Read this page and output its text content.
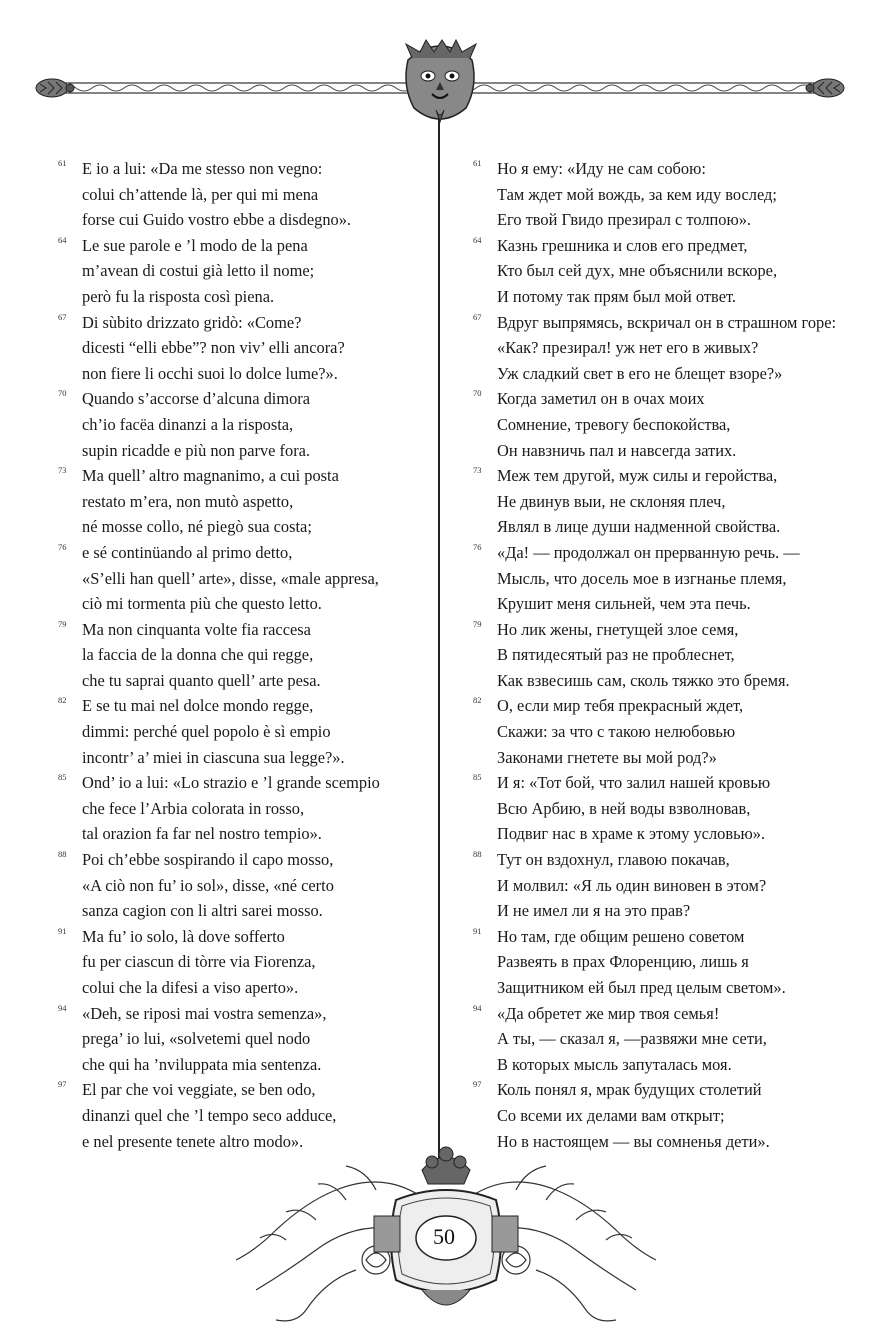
61 E io a lui: «Da me stesso non vegno:
colui ch’attende là, per qui mi mena
forse cui Guido vostro ebbe a disdegno».
64 Le sue parole e ’l modo de la pena
m’avean di costui già letto il nome;
però fu la risposta così piena.
67 Di sùbito drizzato gridò: «Come?
dicesti “elli ebbe”? non viv’ elli ancora?
non fiere li occhi suoi lo dolce lume?».
70 Quando s’accorse d’alcuna dimora
ch’io facëa dinanzi a la risposta,
supin ricadde e più non parve fora.
73 Ma quell’ altro magnanimo, a cui posta
restato m’era, non mutò aspetto,
né mosse collo, né piegò sua costa;
76 e sé continüando al primo detto,
«S’elli han quell’ arte», disse, «male appresa,
ciò mi tormenta più che questo letto.
79 Ma non cinquanta volte fia raccesa
la faccia de la donna che qui regge,
che tu saprai quanto quell’ arte pesa.
82 E se tu mai nel dolce mondo regge,
dimmi: perché quel popolo è sì empio
incontr’ a’ miei in ciascuna sua legge?».
85 Ond’ io a lui: «Lo strazio e ’l grande scempio
che fece l’Arbia colorata in rosso,
tal orazion fa far nel nostro tempio».
88 Poi ch’ebbe sospirando il capo mosso,
«A ciò non fu’ io sol», disse, «né certo
sanza cagion con li altri sarei mosso.
91 Ma fu’ io solo, là dove sofferto
fu per ciascun di tòrre via Fiorenza,
colui che la difesi a viso aperto».
94 «Deh, se riposi mai vostra semenza»,
prega’ io lui, «solvetemi quel nodo
che qui ha ’nviluppata mia sentenza.
97 El par che voi veggiate, se ben odo,
dinanzi quel che ’l tempo seco adduce,
e nel presente tenete altro modo».
61 Но я ему: «Иду не сам собою:
Там ждет мой вождь, за кем иду вослед;
Его твой Гвидо презирал с толпою».
64 Казнь грешника и слов его предмет,
Кто был сей дух, мне объяснили вскоре,
И потому так прям был мой ответ.
67 Вдруг выпрямясь, вскричал он в страшном горе:
«Как? презирал! уж нет его в живых?
Уж сладкий свет в его не блещет взоре?»
70 Когда заметил он в очах моих
Сомнение, тревогу беспокойства,
Он навзничь пал и навсегда затих.
73 Меж тем другой, муж силы и геройства,
Не двинув выи, не склоняя плеч,
Являл в лице души надменной свойства.
76 «Да! — продолжал он прерванную речь. —
Мысль, что досель мое в изгнанье племя,
Крушит меня сильней, чем эта печь.
79 Но лик жены, гнетущей злое семя,
В пятидесятый раз не проблеснет,
Как взвесишь сам, сколь тяжко это бремя.
82 О, если мир тебя прекрасный ждет,
Скажи: за что с такою нелюбовью
Законами гнетете вы мой род?»
85 И я: «Тот бой, что залил нашей кровью
Всю Арбию, в ней воды взволновав,
Подвиг нас в храме к этому условью».
88 Тут он вздохнул, главою покачав,
И молвил: «Я ль один виновен в этом?
И не имел ли я на это прав?
91 Но там, где общим решено советом
Развеять в прах Флоренцию, лишь я
Защитником ей был пред целым светом».
94 «Да обретет же мир твоя семья!
А ты, — сказал я, —развяжи мне сети,
В которых мысль запуталась моя.
97 Коль понял я, мрак будущих столетий
Со всеми их делами вам открыт;
Но в настоящем — вы сомненья дети».
50
